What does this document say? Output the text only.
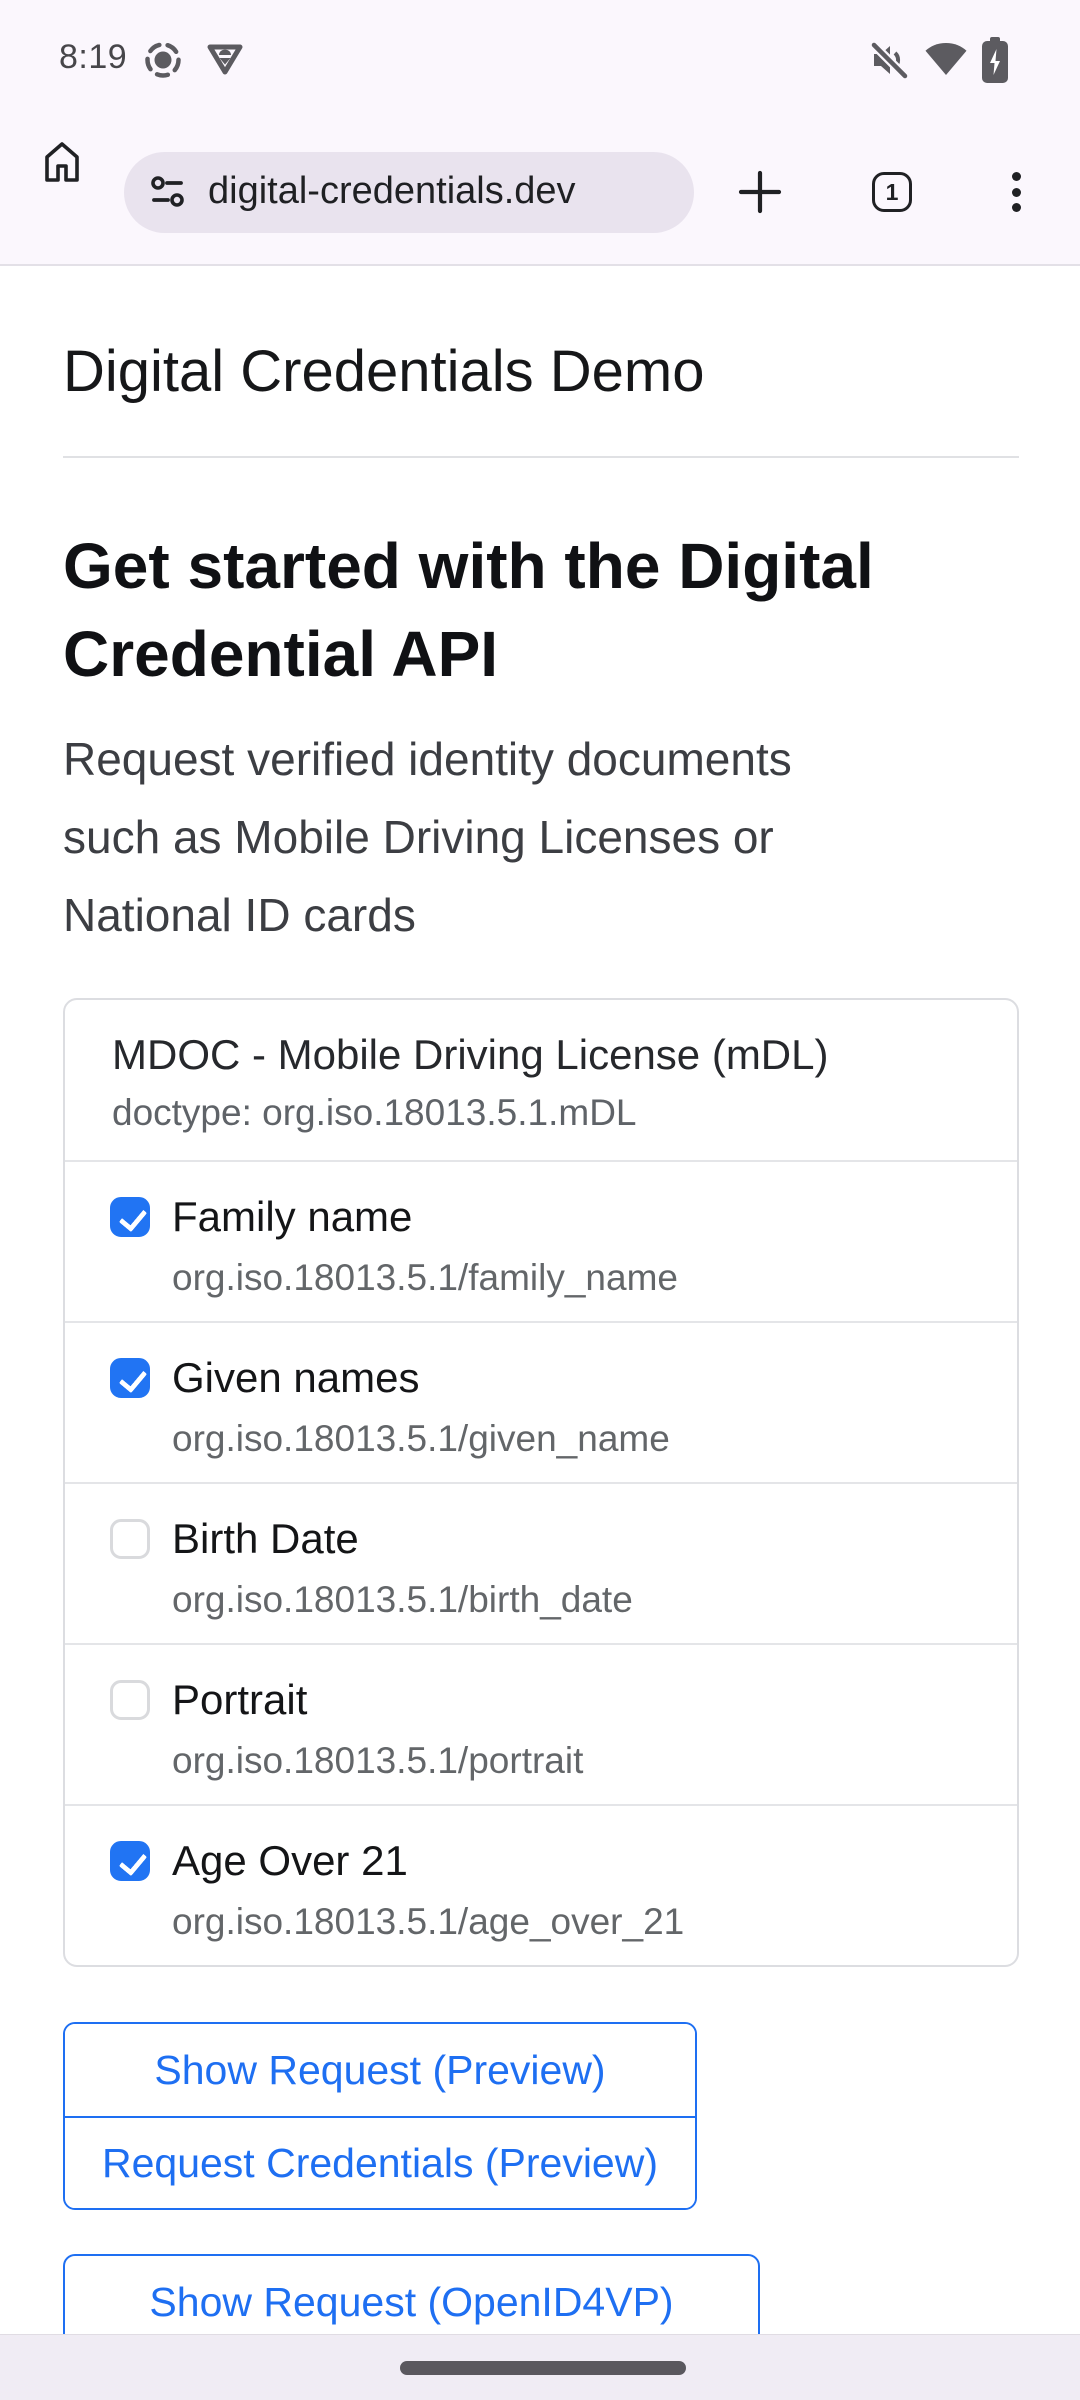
8:19
digital-credentials.dev	1
Digital Credentials Demo
Get started with the Digital
Credential API
Request verified identity documents
such as Mobile Driving Licenses or
National ID cards
MDOC - Mobile Driving License (mDL)
doctype: org.iso.18013.5.1.mDL
Family name
org.iso.18013.5.1/family_name
Given names
org.iso.18013.5.1/given_name
Birth Date
org.iso.18013.5.1/birth_date
Portrait
org.iso.18013.5.1/portrait
Age Over 21
org.iso.18013.5.1/age_over_21
Show Request (Preview)
Request Credentials (Preview)
Show Request (OpenID4VP)
